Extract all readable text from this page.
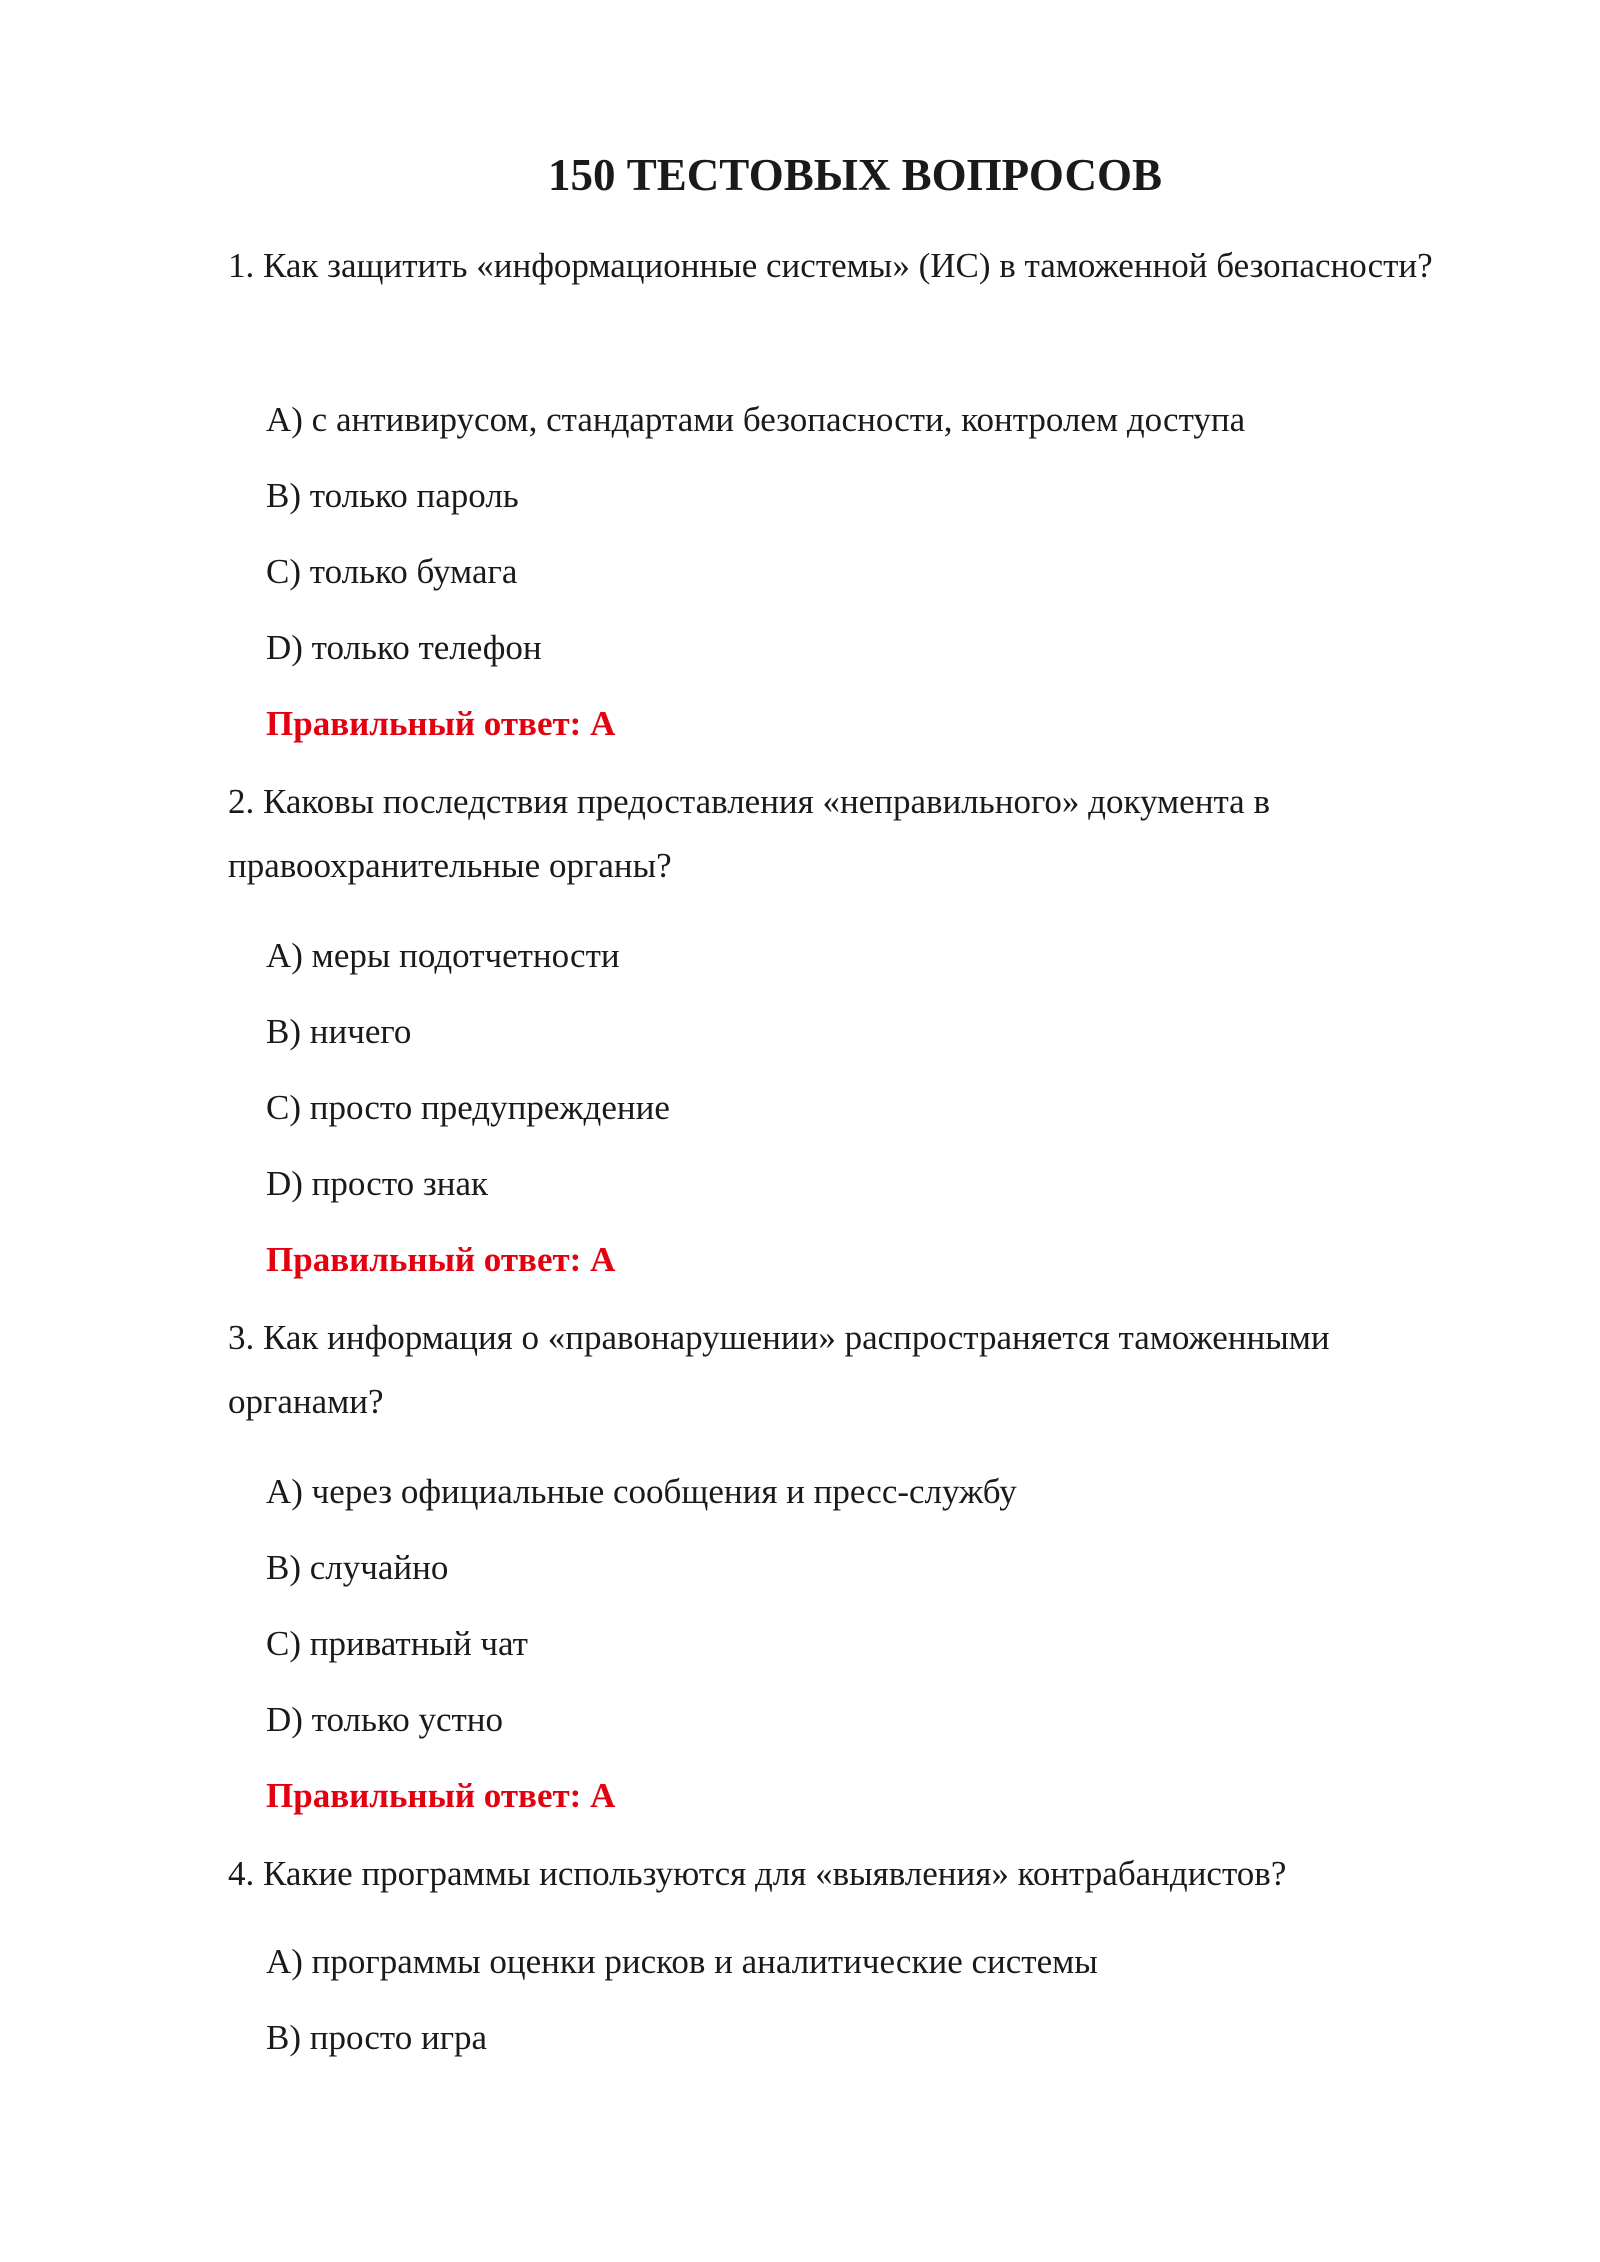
150 ТЕСТОВЫХ ВОПРОСОВ

1. Как защитить «информационные системы» (ИС) в таможенной безопасности?

A) с антивирусом, стандартами безопасности, контролем доступа

B) только пароль

C) только бумага

D) только телефон

Правильный ответ: A

2. Каковы последствия предоставления «неправильного» документа в правоохранительные органы?

A) меры подотчетности

B) ничего

C) просто предупреждение

D) просто знак

Правильный ответ: A

3. Как информация о «правонарушении» распространяется таможенными органами?

A) через официальные сообщения и пресс-службу

B) случайно

C) приватный чат

D) только устно

Правильный ответ: A

4. Какие программы используются для «выявления» контрабандистов?

A) программы оценки рисков и аналитические системы

B) просто игра
